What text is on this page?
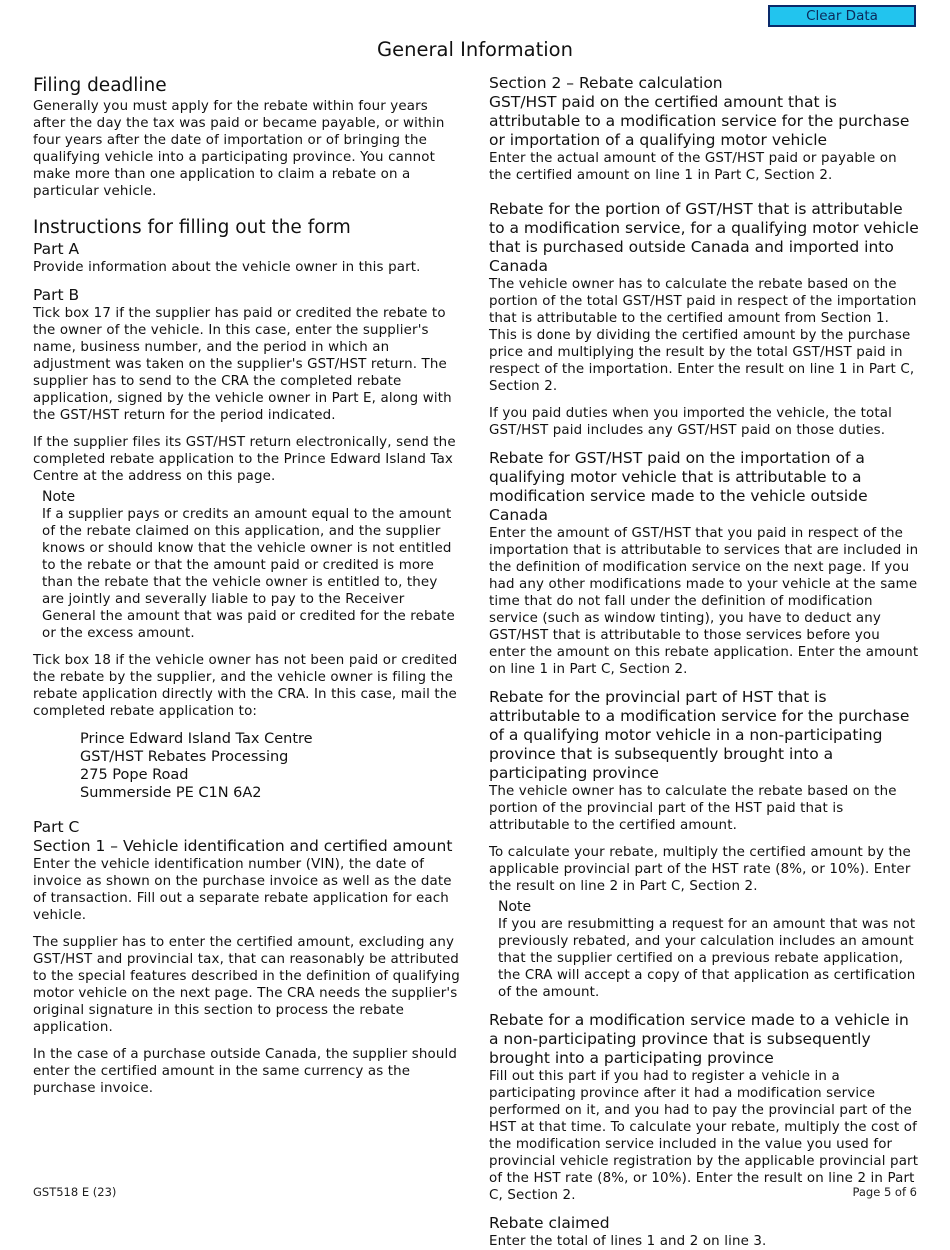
Clear Data
General Information
Filing deadline

Generally you must apply for the rebate within four years after the day the tax was paid or became payable, or within four years after the date of importation or of bringing the qualifying vehicle into a participating province. You cannot make more than one application to claim a rebate on a particular vehicle.

Instructions for filling out the form
Part A

Provide information about the vehicle owner in this part.

Part B

Tick box 17 if the supplier has paid or credited the rebate to the owner of the vehicle. In this case, enter the supplier's name, business number, and the period in which an adjustment was taken on the supplier's GST/HST return. The supplier has to send to the CRA the completed rebate application, signed by the vehicle owner in Part E, along with the GST/HST return for the period indicated.

If the supplier files its GST/HST return electronically, send the completed rebate application to the Prince Edward Island Tax Centre at the address on this page.

Note

If a supplier pays or credits an amount equal to the amount of the rebate claimed on this application, and the supplier knows or should know that the vehicle owner is not entitled to the rebate or that the amount paid or credited is more than the rebate that the vehicle owner is entitled to, they are jointly and severally liable to pay to the Receiver General the amount that was paid or credited for the rebate or the excess amount.

Tick box 18 if the vehicle owner has not been paid or credited the rebate by the supplier, and the vehicle owner is filing the rebate application directly with the CRA. In this case, mail the completed rebate application to:

Prince Edward Island Tax Centre
GST/HST Rebates Processing
275 Pope Road
Summerside PE C1N 6A2
Part C
Section 1 – Vehicle identification and certified amount

Enter the vehicle identification number (VIN), the date of invoice as shown on the purchase invoice as well as the date of transaction. Fill out a separate rebate application for each vehicle.

The supplier has to enter the certified amount, excluding any GST/HST and provincial tax, that can reasonably be attributed to the special features described in the definition of qualifying motor vehicle on the next page. The CRA needs the supplier's original signature in this section to process the rebate application.

In the case of a purchase outside Canada, the supplier should enter the certified amount in the same currency as the purchase invoice.

Section 2 – Rebate calculation
GST/HST paid on the certified amount that is attributable to a modification service for the purchase or importation of a qualifying motor vehicle

Enter the actual amount of the GST/HST paid or payable on the certified amount on line 1 in Part C, Section 2.

Rebate for the portion of GST/HST that is attributable to a modification service, for a qualifying motor vehicle that is purchased outside Canada and imported into Canada

The vehicle owner has to calculate the rebate based on the portion of the total GST/HST paid in respect of the importation that is attributable to the certified amount from Section 1. This is done by dividing the certified amount by the purchase price and multiplying the result by the total GST/HST paid in respect of the importation. Enter the result on line 1 in Part C, Section 2.

If you paid duties when you imported the vehicle, the total GST/HST paid includes any GST/HST paid on those duties.

Rebate for GST/HST paid on the importation of a qualifying motor vehicle that is attributable to a modification service made to the vehicle outside Canada

Enter the amount of GST/HST that you paid in respect of the importation that is attributable to services that are included in the definition of modification service on the next page. If you had any other modifications made to your vehicle at the same time that do not fall under the definition of modification service (such as window tinting), you have to deduct any GST/HST that is attributable to those services before you enter the amount on this rebate application. Enter the amount on line 1 in Part C, Section 2.

Rebate for the provincial part of HST that is attributable to a modification service for the purchase of a qualifying motor vehicle in a non-participating province that is subsequently brought into a participating province

The vehicle owner has to calculate the rebate based on the portion of the provincial part of the HST paid that is attributable to the certified amount.

To calculate your rebate, multiply the certified amount by the applicable provincial part of the HST rate (8%, or 10%). Enter the result on line 2 in Part C, Section 2.

Note

If you are resubmitting a request for an amount that was not previously rebated, and your calculation includes an amount that the supplier certified on a previous rebate application, the CRA will accept a copy of that application as certification of the amount.

Rebate for a modification service made to a vehicle in a non-participating province that is subsequently brought into a participating province

Fill out this part if you had to register a vehicle in a participating province after it had a modification service performed on it, and you had to pay the provincial part of the HST at that time. To calculate your rebate, multiply the cost of the modification service included in the value you used for provincial vehicle registration by the applicable provincial part of the HST rate (8%, or 10%). Enter the result on line 2 in Part C, Section 2.

Rebate claimed

Enter the total of lines 1 and 2 on line 3.

GST518 E (23)	Page 5 of 6
